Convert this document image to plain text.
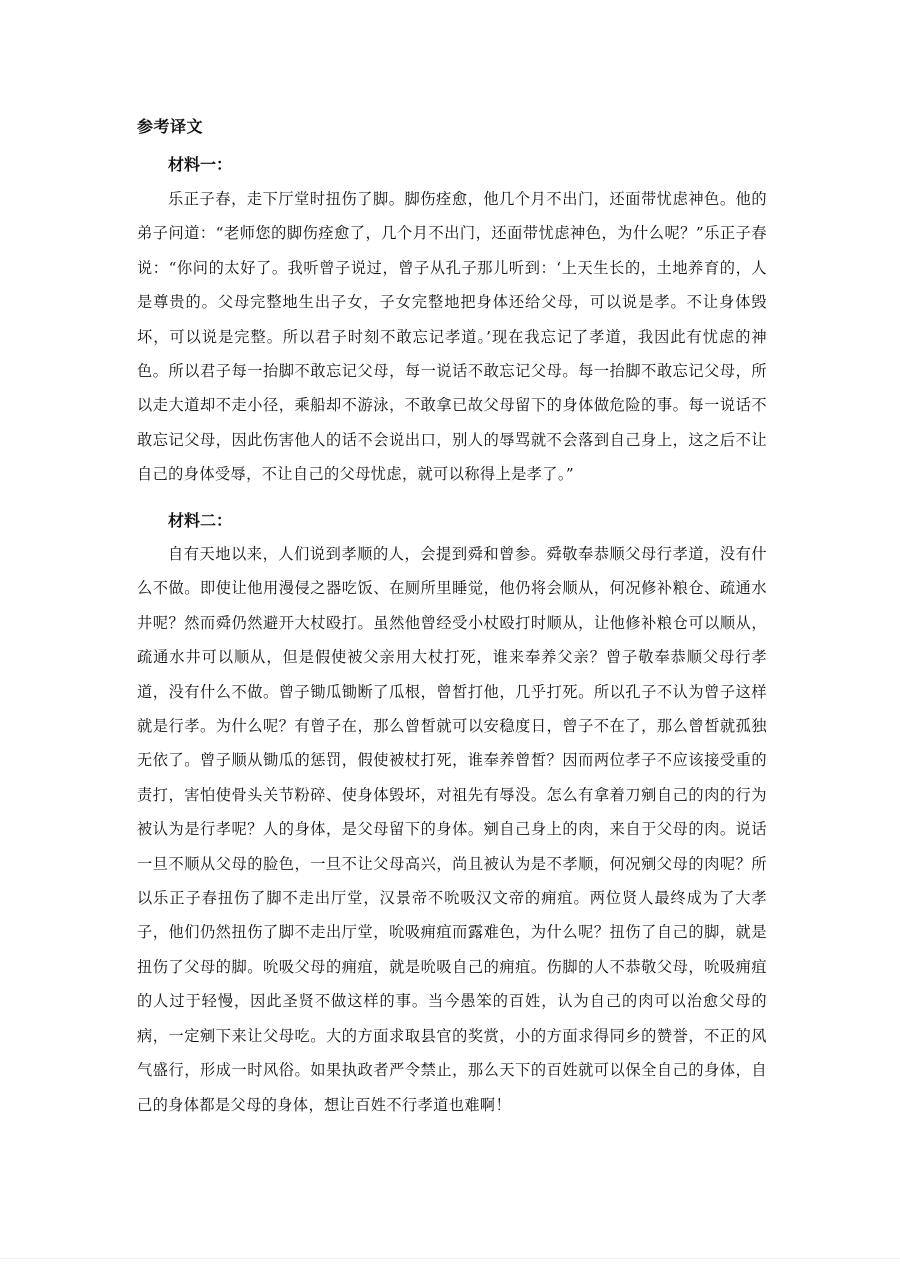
参考译文
材料一：
乐正子春，走下厅堂时扭伤了脚。脚伤痊愈，他几个月不出门，还面带忧虑神色。他的弟子问道：“老师您的脚伤痊愈了，几个月不出门，还面带忧虑神色，为什么呢？”乐正子春说：“你问的太好了。我听曾子说过，曾子从孔子那儿听到：‘上天生长的，土地养育的，人是尊贵的。父母完整地生出子女，子女完整地把身体还给父母，可以说是孝。不让身体毁坏，可以说是完整。所以君子时刻不敢忘记孝道。’现在我忘记了孝道，我因此有忧虑的神色。所以君子每一抬脚不敢忘记父母，每一说话不敢忘记父母。每一抬脚不敢忘记父母，所以走大道却不走小径，乘船却不游泳，不敢拿已故父母留下的身体做危险的事。每一说话不敢忘记父母，因此伤害他人的话不会说出口，别人的辱骂就不会落到自己身上，这之后不让自己的身体受辱，不让自己的父母忧虑，就可以称得上是孝了。”
材料二：
自有天地以来，人们说到孝顺的人，会提到舜和曾参。舜敬奉恭顺父母行孝道，没有什么不做。即使让他用漫侵之器吃饭、在厕所里睡觉，他仍将会顺从，何况修补粮仓、疏通水井呢？然而舜仍然避开大杖殴打。虽然他曾经受小杖殴打时顺从，让他修补粮仓可以顺从，疏通水井可以顺从，但是假使被父亲用大杖打死，谁来奉养父亲？曾子敬奉恭顺父母行孝道，没有什么不做。曾子锄瓜锄断了瓜根，曾皙打他，几乎打死。所以孔子不认为曾子这样就是行孝。为什么呢？有曾子在，那么曾皙就可以安稳度日，曾子不在了，那么曾皙就孤独无依了。曾子顺从锄瓜的惩罚，假使被杖打死，谁奉养曾皙？因而两位孝子不应该接受重的责打，害怕使骨头关节粉碎、使身体毁坏，对祖先有辱没。怎么有拿着刀剜自己的肉的行为被认为是行孝呢？人的身体，是父母留下的身体。剜自己身上的肉，来自于父母的肉。说话一旦不顺从父母的脸色，一旦不让父母高兴，尚且被认为是不孝顺，何况剜父母的肉呢？所以乐正子春扭伤了脚不走出厅堂，汉景帝不吮吸汉文帝的痈疽。两位贤人最终成为了大孝子，他们仍然扭伤了脚不走出厅堂，吮吸痈疽而露难色，为什么呢？扭伤了自己的脚，就是扭伤了父母的脚。吮吸父母的痈疽，就是吮吸自己的痈疽。伤脚的人不恭敬父母，吮吸痈疽的人过于轻慢，因此圣贤不做这样的事。当今愚笨的百姓，认为自己的肉可以治愈父母的病，一定剜下来让父母吃。大的方面求取县官的奖赏，小的方面求得同乡的赞誉，不正的风气盛行，形成一时风俗。如果执政者严令禁止，那么天下的百姓就可以保全自己的身体，自己的身体都是父母的身体，想让百姓不行孝道也难啊！
